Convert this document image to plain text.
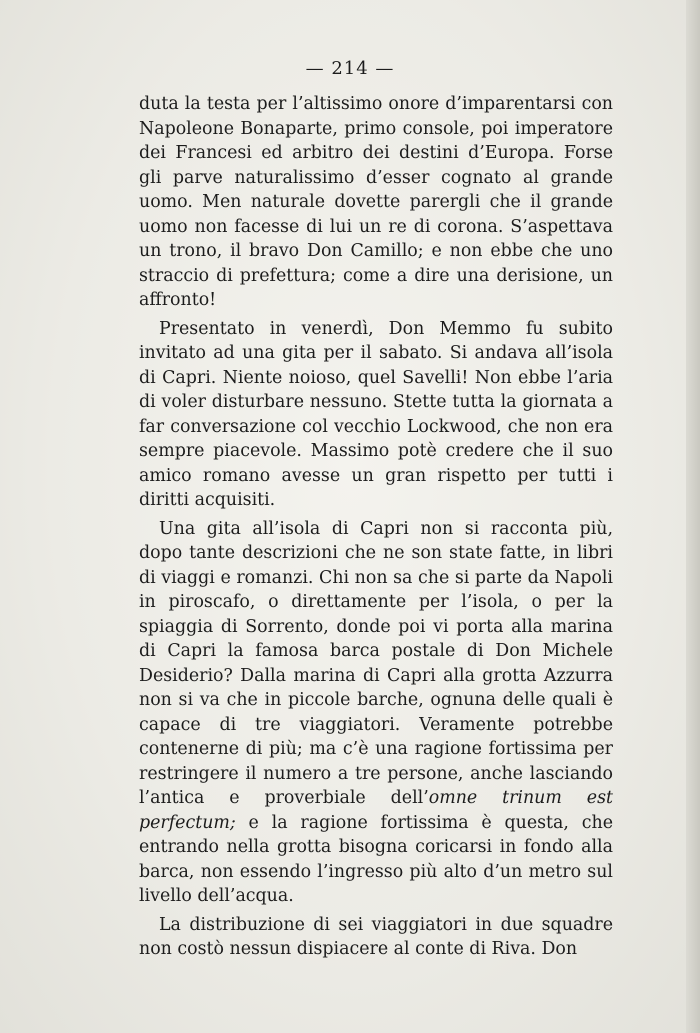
— 214 —

duta la testa per l’altissimo onore d’imparentarsi con Napoleone Bonaparte, primo console, poi imperatore dei Francesi ed arbitro dei destini d’Europa. Forse gli parve naturalissimo d’esser cognato al grande uomo. Men naturale dovette parergli che il grande uomo non facesse di lui un re di corona. S’aspettava un trono, il bravo Don Camillo; e non ebbe che uno straccio di prefettura; come a dire una derisione, un affronto!

Presentato in venerdì, Don Memmo fu subito invitato ad una gita per il sabato. Si andava all’isola di Capri. Niente noioso, quel Savelli! Non ebbe l’aria di voler disturbare nessuno. Stette tutta la giornata a far conversazione col vecchio Lockwood, che non era sempre piacevole. Massimo potè credere che il suo amico romano avesse un gran rispetto per tutti i diritti acquisiti.

Una gita all’isola di Capri non si racconta più, dopo tante descrizioni che ne son state fatte, in libri di viaggi e romanzi. Chi non sa che si parte da Napoli in piroscafo, o direttamente per l’isola, o per la spiaggia di Sorrento, donde poi vi porta alla marina di Capri la famosa barca postale di Don Michele Desiderio? Dalla marina di Capri alla grotta Azzurra non si va che in piccole barche, ognuna delle quali è capace di tre viaggiatori. Veramente potrebbe contenerne di più; ma c’è una ragione fortissima per restringere il numero a tre persone, anche lasciando l’antica e proverbiale dell’omne trinum est perfectum; e la ragione fortissima è questa, che entrando nella grotta bisogna coricarsi in fondo alla barca, non essendo l’ingresso più alto d’un metro sul livello dell’acqua.

La distribuzione di sei viaggiatori in due squadre non costò nessun dispiacere al conte di Riva. Don
